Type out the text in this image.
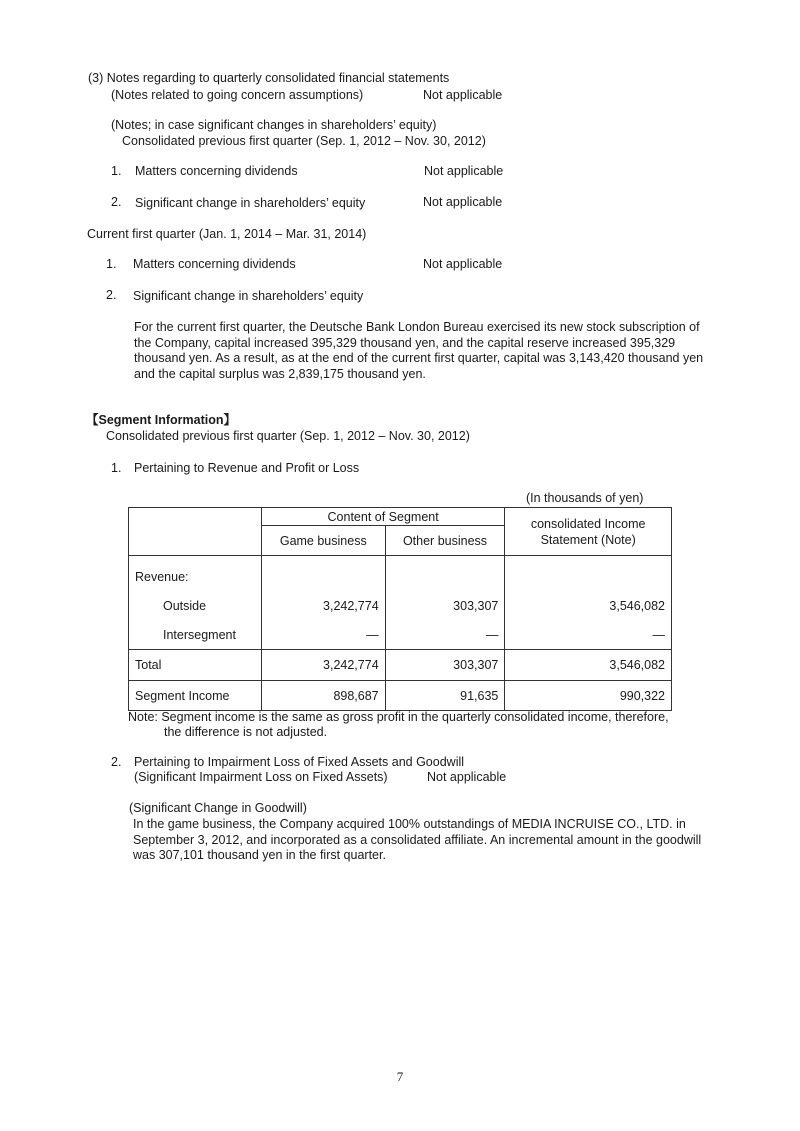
(3) Notes regarding to quarterly consolidated financial statements
(Notes related to going concern assumptions)	Not applicable
(Notes; in case significant changes in shareholders’ equity)
Consolidated previous first quarter (Sep. 1, 2012 – Nov. 30, 2012)
1. Matters concerning dividends	Not applicable
2. Significant change in shareholders’ equity	Not applicable
Current first quarter (Jan. 1, 2014 – Mar. 31, 2014)
1. Matters concerning dividends	Not applicable
2. Significant change in shareholders’ equity
For the current first quarter, the Deutsche Bank London Bureau exercised its new stock subscription of the Company, capital increased 395,329 thousand yen, and the capital reserve increased 395,329 thousand yen. As a result, as at the end of the current first quarter, capital was 3,143,420 thousand yen and the capital surplus was 2,839,175 thousand yen.
【Segment Information】
Consolidated previous first quarter (Sep. 1, 2012 – Nov. 30, 2012)
1. Pertaining to Revenue and Profit or Loss
(In thousands of yen)
	Content of Segment		consolidated Income
Statement (Note)
	Game business	Other business	
Revenue:			
Outside	3,242,774	303,307	3,546,082
Intersegment	—	—	—
Total	3,242,774	303,307	3,546,082
Segment Income	898,687	91,635	990,322
Note: Segment income is the same as gross profit in the quarterly consolidated income, therefore,
the difference is not adjusted.
2. Pertaining to Impairment Loss of Fixed Assets and Goodwill
(Significant Impairment Loss on Fixed Assets)	Not applicable
(Significant Change in Goodwill)
In the game business, the Company acquired 100% outstandings of MEDIA INCRUISE CO., LTD. in September 3, 2012, and incorporated as a consolidated affiliate. An incremental amount in the goodwill was 307,101 thousand yen in the first quarter.
7
